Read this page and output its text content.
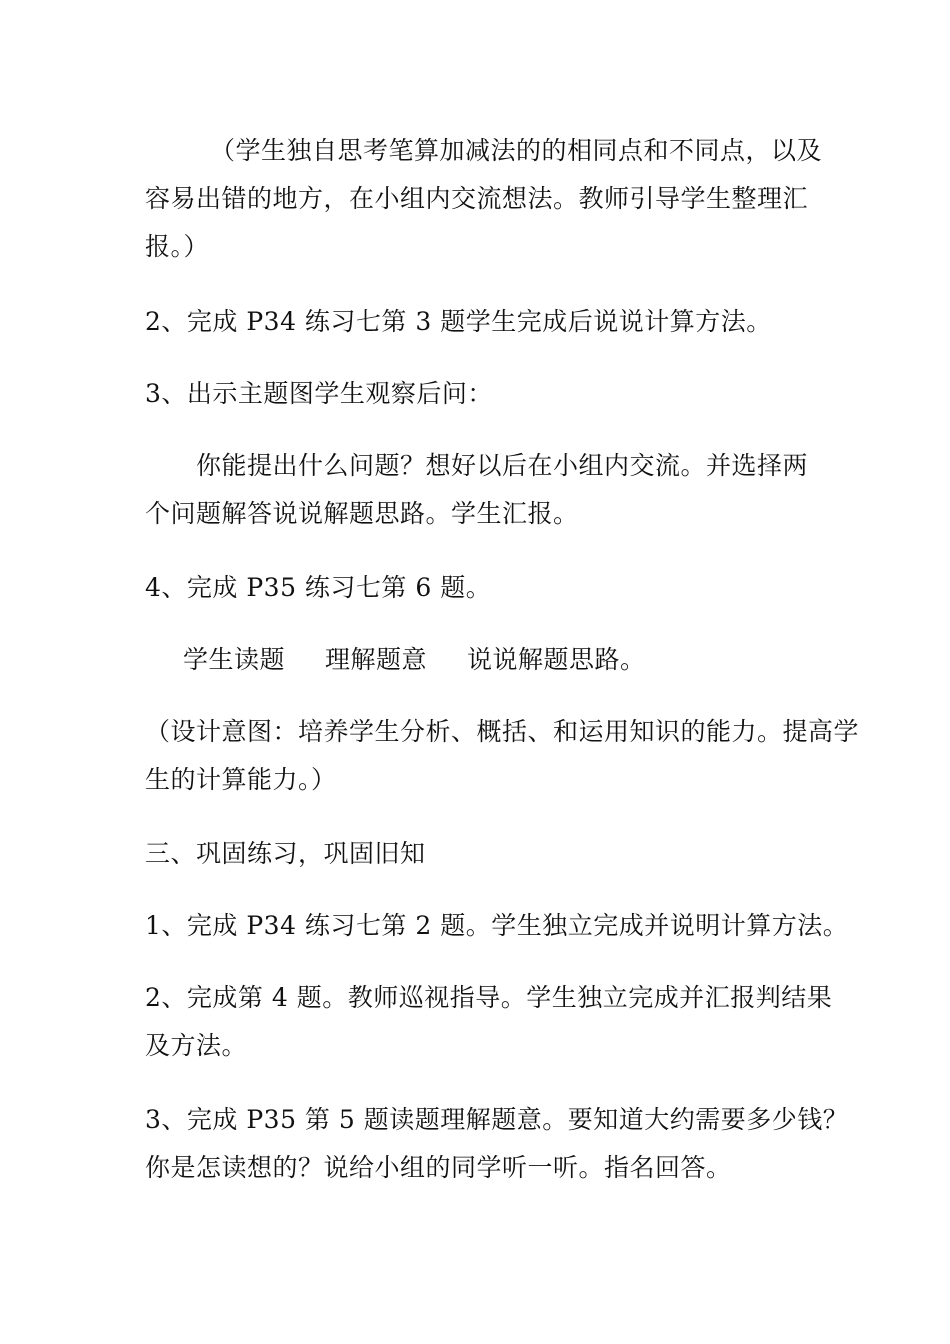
（学生独自思考笔算加减法的的相同点和不同点，以及
容易出错的地方，在小组内交流想法。教师引导学生整理汇
报。）
2、完成 P34 练习七第 3 题学生完成后说说计算方法。
3、出示主题图学生观察后问：
你能提出什么问题？想好以后在小组内交流。并选择两
个问题解答说说解题思路。学生汇报。
4、完成 P35 练习七第 6 题。
学生读题 理解题意 说说解题思路。
（设计意图：培养学生分析、概括、和运用知识的能力。提高学
生的计算能力。）
三、巩固练习，巩固旧知
1、完成 P34 练习七第 2 题。学生独立完成并说明计算方法。
2、完成第 4 题。教师巡视指导。学生独立完成并汇报判结果
及方法。
3、完成 P35 第 5 题读题理解题意。要知道大约需要多少钱？
你是怎读想的？说给小组的同学听一听。指名回答。
